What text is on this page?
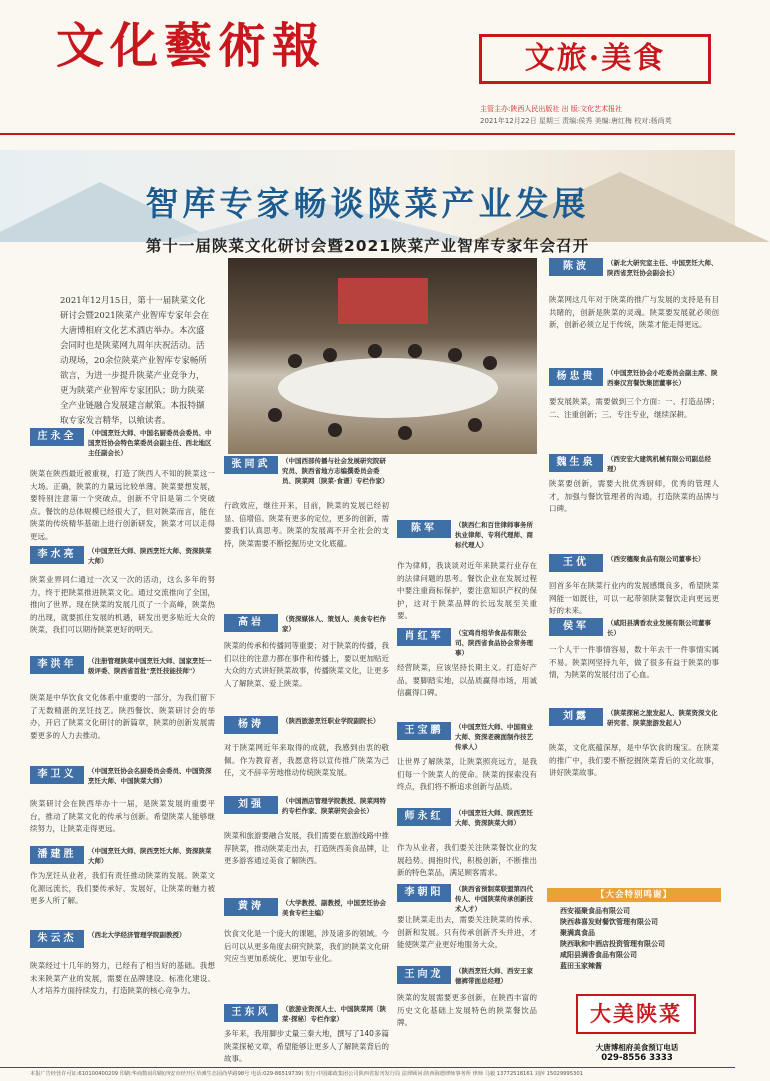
文化藝術報	文旅·美食
主管主办:陕西人民出版社 出 版:文化艺术报社
2021年12月22日 星期三 责编:侯秀 美编:唐红梅 校对:杨尚英
智库专家畅谈陕菜产业发展
第十一届陕菜文化研讨会暨2021陕菜产业智库专家年会召开
2021年12月15日，第十一届陕菜文化研讨会暨2021陕菜产业智库专家年会在大唐博相府文化艺术酒店举办。本次盛会同时也是陕菜网九周年庆祝活动。活动现场，20余位陕菜产业智库专家畅所欲言，为进一步提升陕菜产业竞争力，更为陕菜产业智库专家团队；助力陕菜全产业链融合发展建言献策。本报特撷取专家发言精华，以飨读者。
庄永全	（中国烹饪大师、中国名厨委员会委员、中国烹饪协会特色菜委员会副主任、西北地区主任副会长）
陕菜在陕西最近被重视，打造了陕西人不知的陕菜这一大场。正确，陕菜的力量远比较单薄。陕菜要想发展，要特别注意第一个突破点，创新不守旧是第二个突破点。餐饮的总体规模已经很大了，但对陕菜而言，能在陕菜的传统精华基础上进行创新研发，陕菜才可以走得更远。
李水亮	（中国烹饪大师、陕西烹饪大师、资深陕菜大师）
陕菜业界同仁通过一次又一次的活动，这么多年的努力，终于把陕菜推进陕菜文化。通过交流推向了全国，推向了世界。现在陕菜的发展几页了一个高峰，陕菜热的出现，就要抓住发展的机遇，研发出更多贴近大众的陕菜，我们可以期待陕菜更好的明天。
李洪年	（注册管理陕菜中国烹饪大师、国家烹饪一级评委、陕西省首批"烹饪技能技师"）
陕菜是中华饮食文化体系中重要的一部分，为我们留下了无数精湛的烹饪技艺。陕西餐饮、陕菜研讨会的举办，开启了陕菜文化研讨的新篇章，陕菜的创新发展需要更多的人力去推动。
李卫义	（中国烹饪协会名厨委员会委员、中国资深烹饪大师、中国陕菜大师）
陕菜研讨会在陕西举办十一届，是陕菜发展的重要平台，推动了陕菜文化的传承与创新。希望陕菜人能够继续努力，让陕菜走得更远。
潘建胜	（中国烹饪大师、陕西烹饪大师、资深陕菜大师）
作为烹饪从业者，我们有责任推动陕菜的发展。陕菜文化源远流长，我们要传承好、发展好，让陕菜的魅力被更多人所了解。
朱云杰	（西北大学经济管理学院副教授）
陕菜经过十几年的努力，已经有了相当好的基础。我想未来陕菜产业的发展，需要在品牌建设、标准化建设、人才培养方面持续发力，打造陕菜的核心竞争力。
张同武	（中国西部传播与社会发展研究院研究员、陕西省地方志编撰委员会委员、陕菜网〔陕菜·食谱〕专栏作家）
行政效应，继往开来，目前，陕菜的发展已经初显、倍增倍。陕菜有更多的定位，更多的创新，需要我们认真思考。陕菜的发展离不开全社会的支持，陕菜需要不断挖掘历史文化底蕴。
高岩	（资深媒体人、策划人、美食专栏作家）
陕菜的传承和传播同等重要；对于陕菜的传播，我们以往的注意力都在事件和传播上，要以更加贴近大众的方式讲好陕菜故事，传播陕菜文化，让更多人了解陕菜、爱上陕菜。
杨涛	（陕西旅游烹饪职业学院副院长）
对于陕菜网近年来取得的成就，我感到由衷的敬佩。作为教育者，我愿意将以宣传推广陕菜为己任，文不辞辛劳地推动传统陕菜发展。
刘强	（中国酒店管理学院教授、陕菜网特约专栏作家、陕菜研究会会长）
陕菜和旅游要融合发展，我们需要在旅游线路中推荐陕菜，推动陕菜走出去，打造陕西美食品牌，让更多游客通过美食了解陕西。
黄涛	（大学教授、副教授，中国烹饪协会美食专栏主编）
饮食文化是一个庞大的课题，涉及诸多的领域。今后可以从更多角度去研究陕菜，我们的陕菜文化研究应当更加系统化、更加专业化。
王东风	（旅游业资深人士、中国陕菜网〔陕菜·探秘〕专栏作家）
多年来，我用脚步丈量三秦大地，撰写了140多篇陕菜探秘文章，希望能够让更多人了解陕菜背后的故事。
陈军	（陕西仁和百世律师事务所执业律师、专利代理师、商标代理人）
作为律师，我谈谈对近年来陕菜行业存在的法律问题的思考。餐饮企业在发展过程中要注重商标保护，要注意知识产权的保护，这对于陕菜品牌的长远发展至关重要。
肖红军	（宝鸡肖绍华食品有限公司、陕西省食品协会常务理事）
经营陕菜，应该坚持长期主义。打造好产品，要脚踏实地，以品质赢得市场，用诚信赢得口碑。
王宝鹏	（中国烹饪大师、中国商业大师、资深老碗面制作技艺传承人）
让世界了解陕菜，让陕菜照亮远方，是我们每一个陕菜人的使命。陕菜的探索没有终点，我们将不断追求创新与品质。
师永红	（中国烹饪大师、陕西烹饪大师、资深陕菜大师）
作为从业者，我们要关注陕菜餐饮业的发展趋势。拥抱时代，积极创新，不断推出新的特色菜品，满足顾客需求。
李朝阳	（陕西省预制菜联盟第四代传人、中国陕菜传承创新技术人才）
要让陕菜走出去，需要关注陕菜的传承、创新和发展。只有传承创新齐头并进，才能使陕菜产业更好地服务大众。
王向龙	（陕西烹饪大师、西安王家德裤带面总经理）
陕菜的发展需要更多创新，在陕西丰富的历史文化基础上发展特色的陕菜餐饮品牌。
陈波	（新北大研究室主任、中国烹饪大师、陕西省烹饪协会副会长）
陕菜网这几年对于陕菜的推广与发展的支持是有目共睹的，创新是陕菜的灵魂。陕菜要发展就必须创新，创新必须立足于传统，陕菜才能走得更远。
杨忠贵	（中国烹饪协会小吃委员会副主席、陕西秦汉宫餐饮集团董事长）
要发展陕菜，需要做到三个方面：一、打造品牌；二、注重创新；三、专注专业，继续深耕。
魏生泉	（西安宏大建筑机械有限公司副总经理）
陕菜要创新，需要大批优秀厨师，优秀的管理人才，加强与餐饮管理者的沟通，打造陕菜的品牌与口碑。
王优	（西安穗聚食品有限公司董事长）
回首多年在陕菜行业内的发展感慨良多，希望陕菜网能一如既往，可以一起带领陕菜餐饮走向更远更好的未来。
侯军	（咸阳县满香农业发展有限公司董事长）
一个人干一件事情容易，数十年去干一件事情实属不易。陕菜网坚持九年，做了很多有益于陕菜的事情，为陕菜的发展付出了心血。
刘露	（陕菜探秘之旅发起人、陕菜资深文化研究者、陕菜旅游发起人）
陕菜，文化底蕴深厚，是中华饮食的瑰宝。在陕菜的推广中，我们要不断挖掘陕菜背后的文化故事，讲好陕菜故事。
【大会特别鸣谢】
西安福聚食品有限公司
陕西恭喜发财餐饮管理有限公司
聚满真食品
陕西耿和中酒店投资管理有限公司
咸阳县满香食品有限公司
蓝田玉家辣酱
大美陕菜
大唐博相府美食预订电话
029-8556 3333
本报广告经营许可证:610100400209 印刷:华商数码印刷(西安市经开区草滩生态园尚华路98号 电话:029-86519739) 发行:中国邮政集团公司陕西省报刊发行局 法律顾问:陕西海德律师事务所 律师 马毅 13772518161 刘萍 15029995301
